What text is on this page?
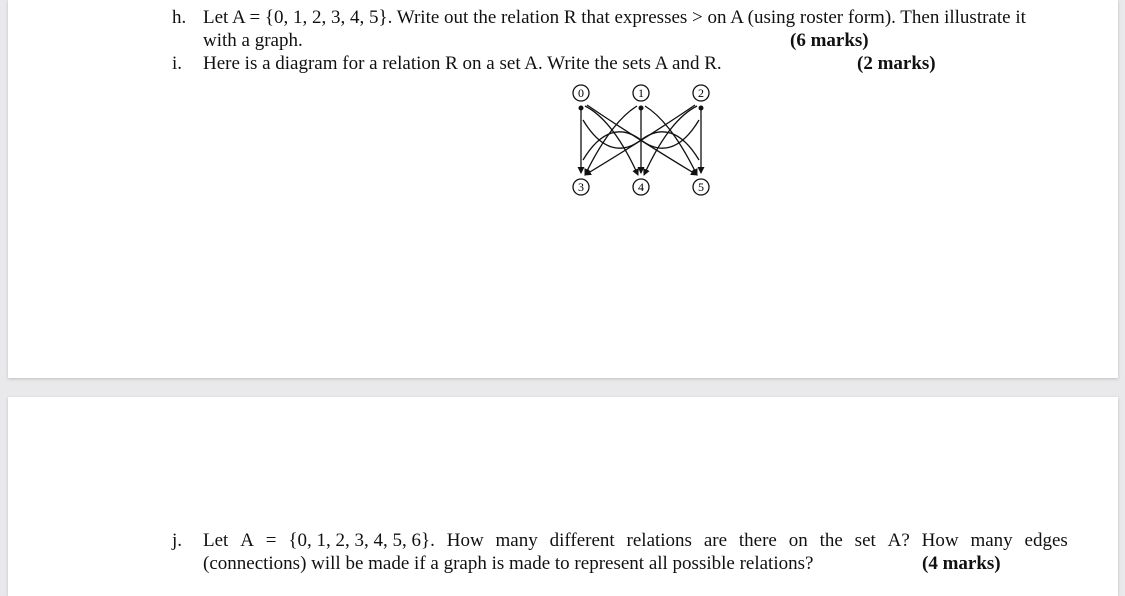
h. Let A = {0, 1, 2, 3, 4, 5}. Write out the relation R that expresses > on A (using roster form). Then illustrate it
with a graph.	(6 marks)
i. Here is a diagram for a relation R on a set A. Write the sets A and R.	(2 marks)
0	1	2
3	4	5
j. Let A = {0, 1, 2, 3, 4, 5, 6}. How many different relations are there on the set A? How many edges
(connections) will be made if a graph is made to represent all possible relations?	(4 marks)
